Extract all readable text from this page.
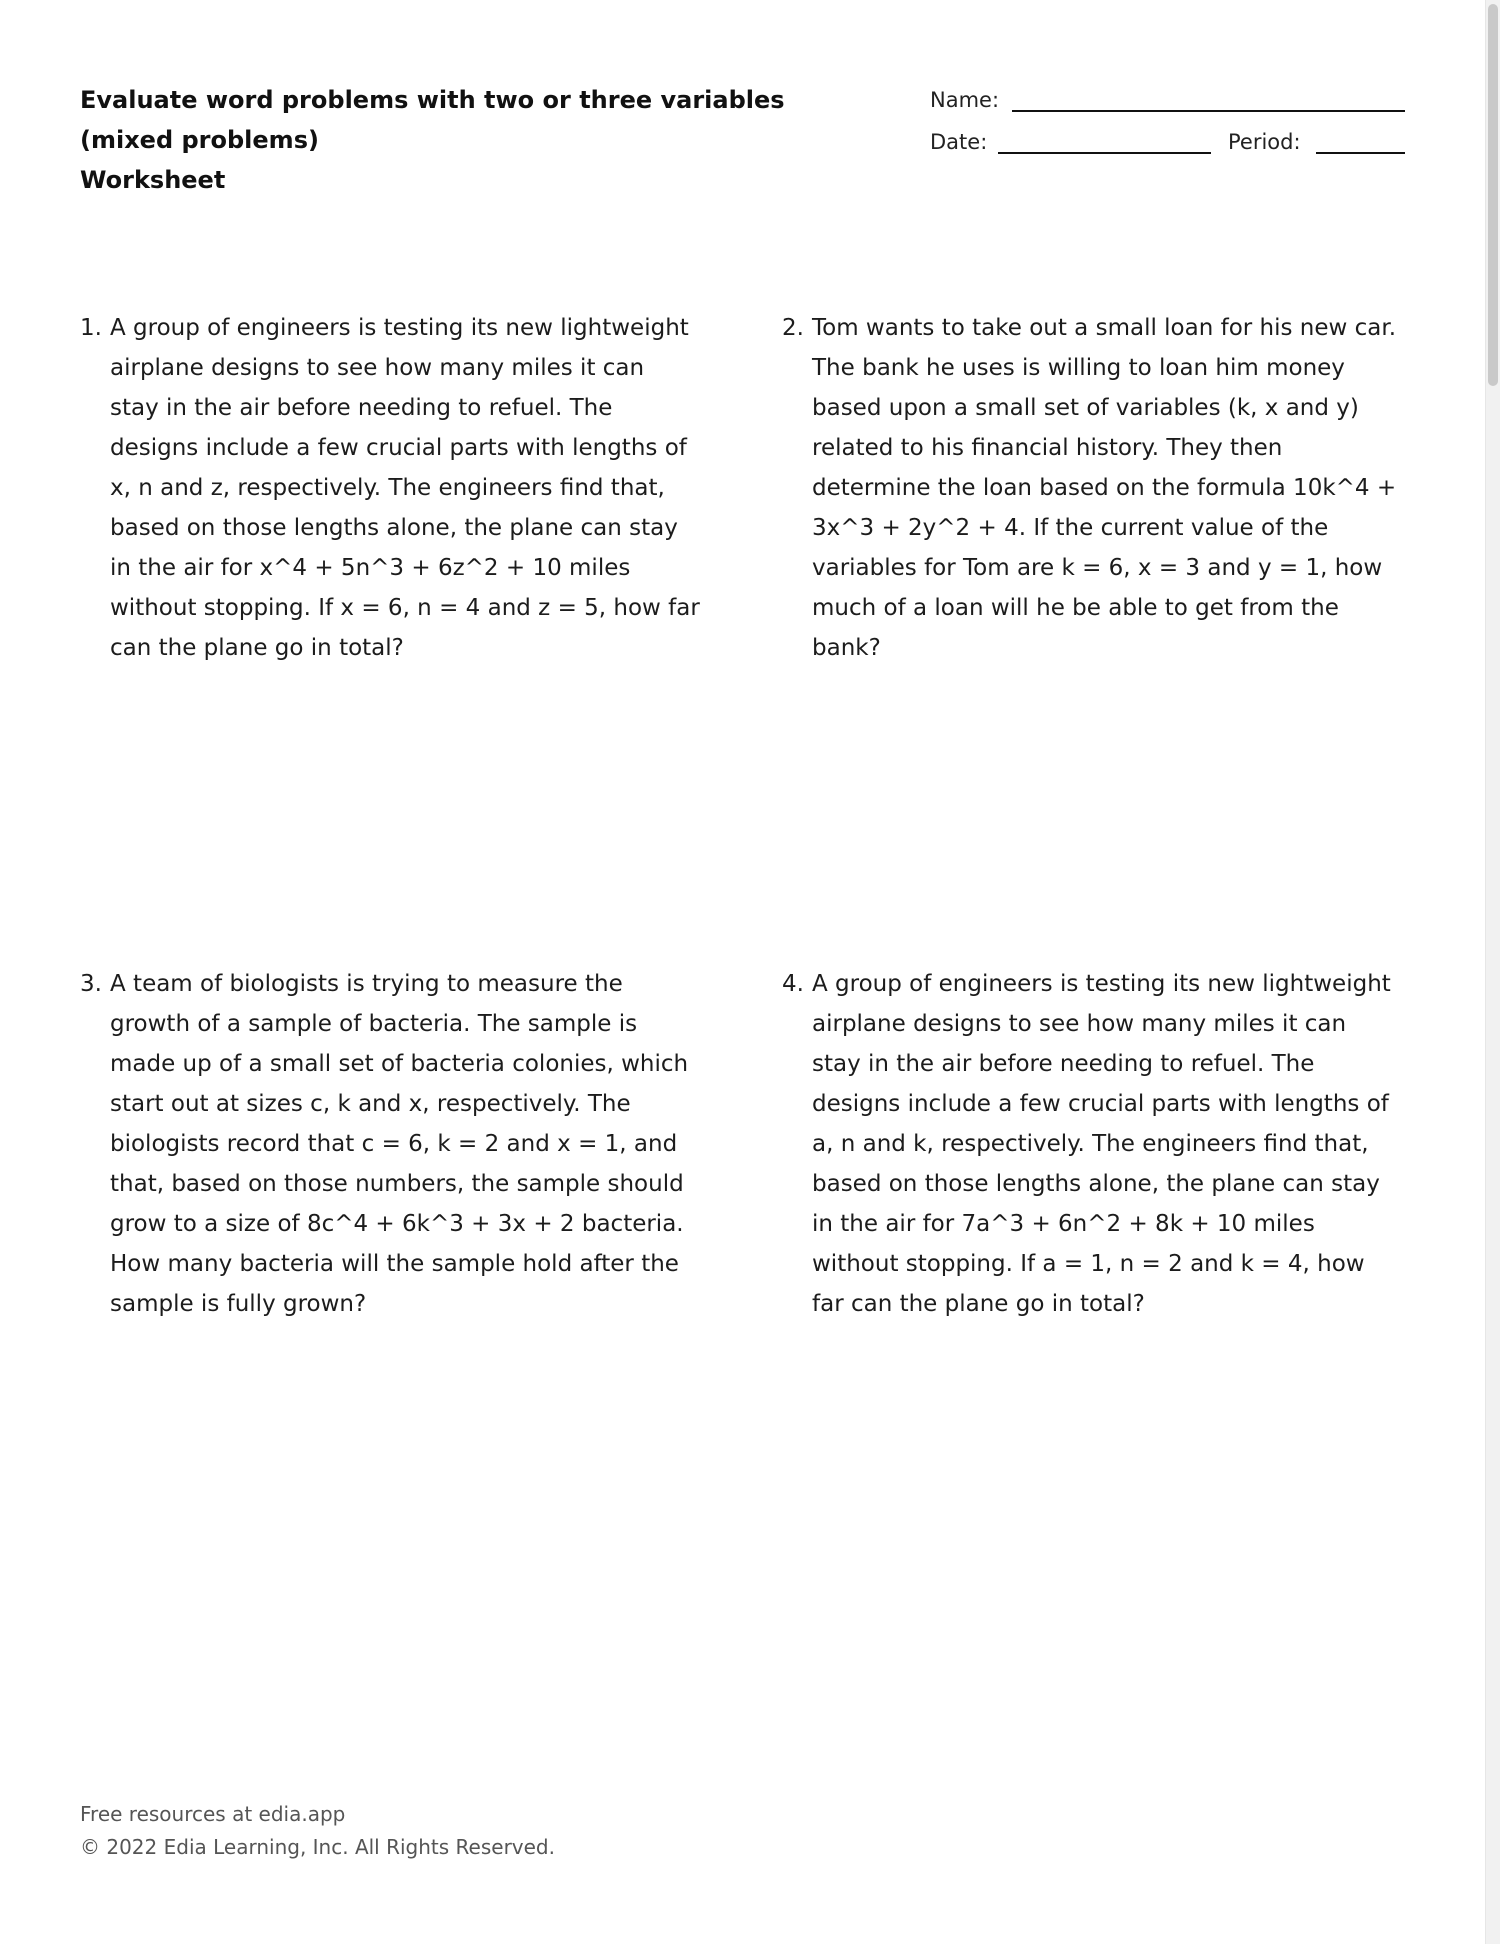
Evaluate word problems with two or three variables (mixed problems)
Worksheet
Name:
Date:	Period:
1. A group of engineers is testing its new lightweight airplane designs to see how many miles it can stay in the air before needing to refuel. The designs include a few crucial parts with lengths of x, n and z, respectively. The engineers find that, based on those lengths alone, the plane can stay in the air for x^4 + 5n^3 + 6z^2 + 10 miles without stopping. If x = 6, n = 4 and z = 5, how far can the plane go in total?
2. Tom wants to take out a small loan for his new car. The bank he uses is willing to loan him money based upon a small set of variables (k, x and y) related to his financial history. They then determine the loan based on the formula 10k^4 + 3x^3 + 2y^2 + 4. If the current value of the variables for Tom are k = 6, x = 3 and y = 1, how much of a loan will he be able to get from the bank?
3. A team of biologists is trying to measure the growth of a sample of bacteria. The sample is made up of a small set of bacteria colonies, which start out at sizes c, k and x, respectively. The biologists record that c = 6, k = 2 and x = 1, and that, based on those numbers, the sample should grow to a size of 8c^4 + 6k^3 + 3x + 2 bacteria. How many bacteria will the sample hold after the sample is fully grown?
4. A group of engineers is testing its new lightweight airplane designs to see how many miles it can stay in the air before needing to refuel. The designs include a few crucial parts with lengths of a, n and k, respectively. The engineers find that, based on those lengths alone, the plane can stay in the air for 7a^3 + 6n^2 + 8k + 10 miles without stopping. If a = 1, n = 2 and k = 4, how far can the plane go in total?
Free resources at edia.app
© 2022 Edia Learning, Inc. All Rights Reserved.
